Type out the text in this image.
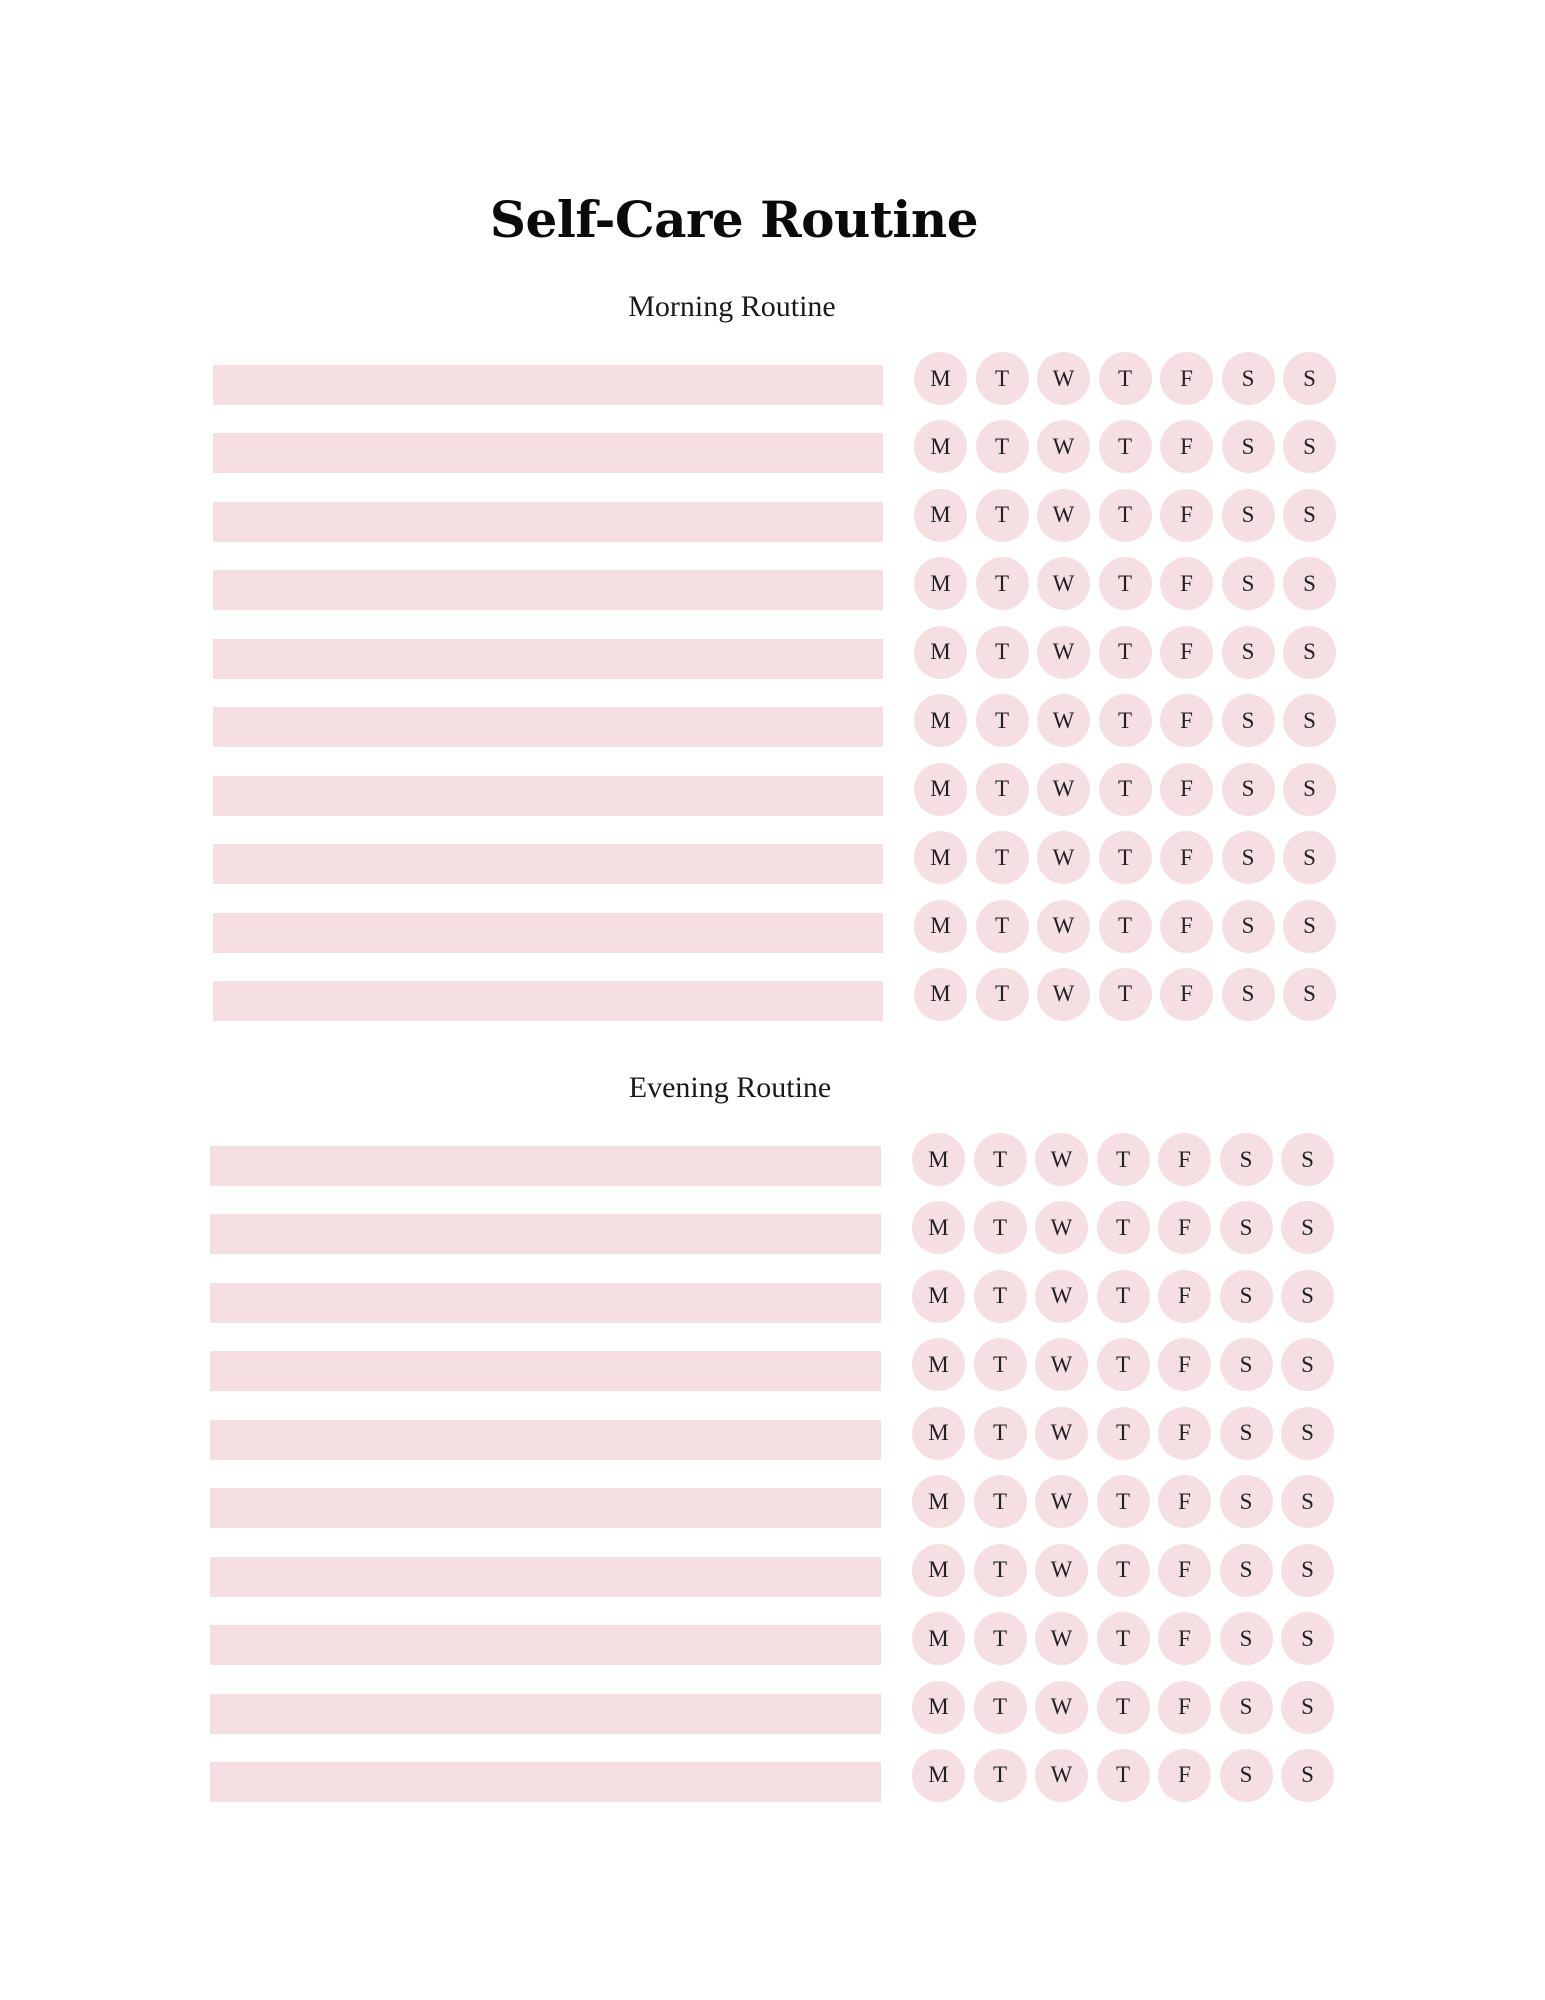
Self-Care Routine
Morning Routine
M	T	W	T	F	S	S
M	T	W	T	F	S	S
M	T	W	T	F	S	S
M	T	W	T	F	S	S
M	T	W	T	F	S	S
M	T	W	T	F	S	S
M	T	W	T	F	S	S
M	T	W	T	F	S	S
M	T	W	T	F	S	S
M	T	W	T	F	S	S
Evening Routine
M	T	W	T	F	S	S
M	T	W	T	F	S	S
M	T	W	T	F	S	S
M	T	W	T	F	S	S
M	T	W	T	F	S	S
M	T	W	T	F	S	S
M	T	W	T	F	S	S
M	T	W	T	F	S	S
M	T	W	T	F	S	S
M	T	W	T	F	S	S
